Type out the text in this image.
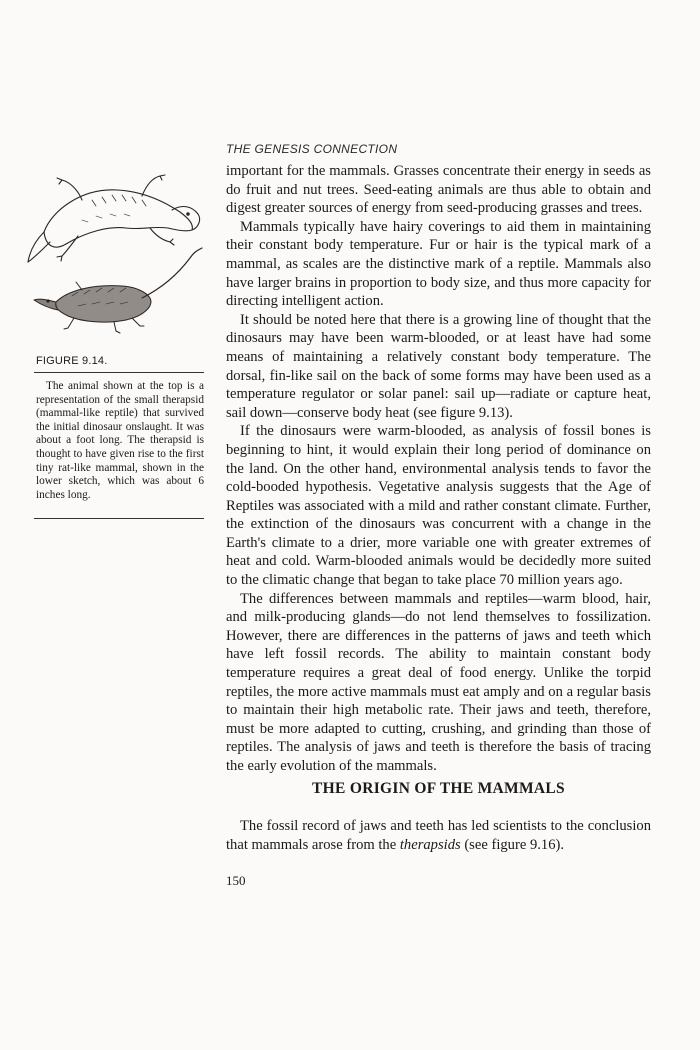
FIGURE 9.14.

The animal shown at the top is a representation of the small therapsid (mammal-like reptile) that survived the initial dinosaur onslaught. It was about a foot long. The therapsid is thought to have given rise to the first tiny rat-like mammal, shown in the lower sketch, which was about 6 inches long.

THE GENESIS CONNECTION

important for the mammals. Grasses concentrate their energy in seeds as do fruit and nut trees. Seed-eating animals are thus able to obtain and digest greater sources of energy from seed-producing grasses and trees.

Mammals typically have hairy coverings to aid them in maintaining their constant body temperature. Fur or hair is the typical mark of a mammal, as scales are the distinctive mark of a reptile. Mammals also have larger brains in proportion to body size, and thus more capacity for directing intelligent action.

It should be noted here that there is a growing line of thought that the dinosaurs may have been warm-blooded, or at least have had some means of maintaining a relatively constant body temperature. The dorsal, fin-like sail on the back of some forms may have been used as a temperature regulator or solar panel: sail up—radiate or capture heat, sail down—conserve body heat (see figure 9.13).

If the dinosaurs were warm-blooded, as analysis of fossil bones is beginning to hint, it would explain their long period of dominance on the land. On the other hand, environmental analysis tends to favor the cold-booded hypothesis. Vegetative analysis suggests that the Age of Reptiles was associated with a mild and rather constant climate. Further, the extinction of the dinosaurs was concurrent with a change in the Earth's climate to a drier, more variable one with greater extremes of heat and cold. Warm-blooded animals would be decidedly more suited to the climatic change that began to take place 70 million years ago.

The differences between mammals and reptiles—warm blood, hair, and milk-producing glands—do not lend themselves to fossilization. However, there are differences in the patterns of jaws and teeth which have left fossil records. The ability to maintain constant body temperature requires a great deal of food energy. Unlike the torpid reptiles, the more active mammals must eat amply and on a regular basis to maintain their high metabolic rate. Their jaws and teeth, therefore, must be more adapted to cutting, crushing, and grinding than those of reptiles. The analysis of jaws and teeth is therefore the basis of tracing the early evolution of the mammals.

THE ORIGIN OF THE MAMMALS

The fossil record of jaws and teeth has led scientists to the conclusion that mammals arose from the therapsids (see figure 9.16).

150
